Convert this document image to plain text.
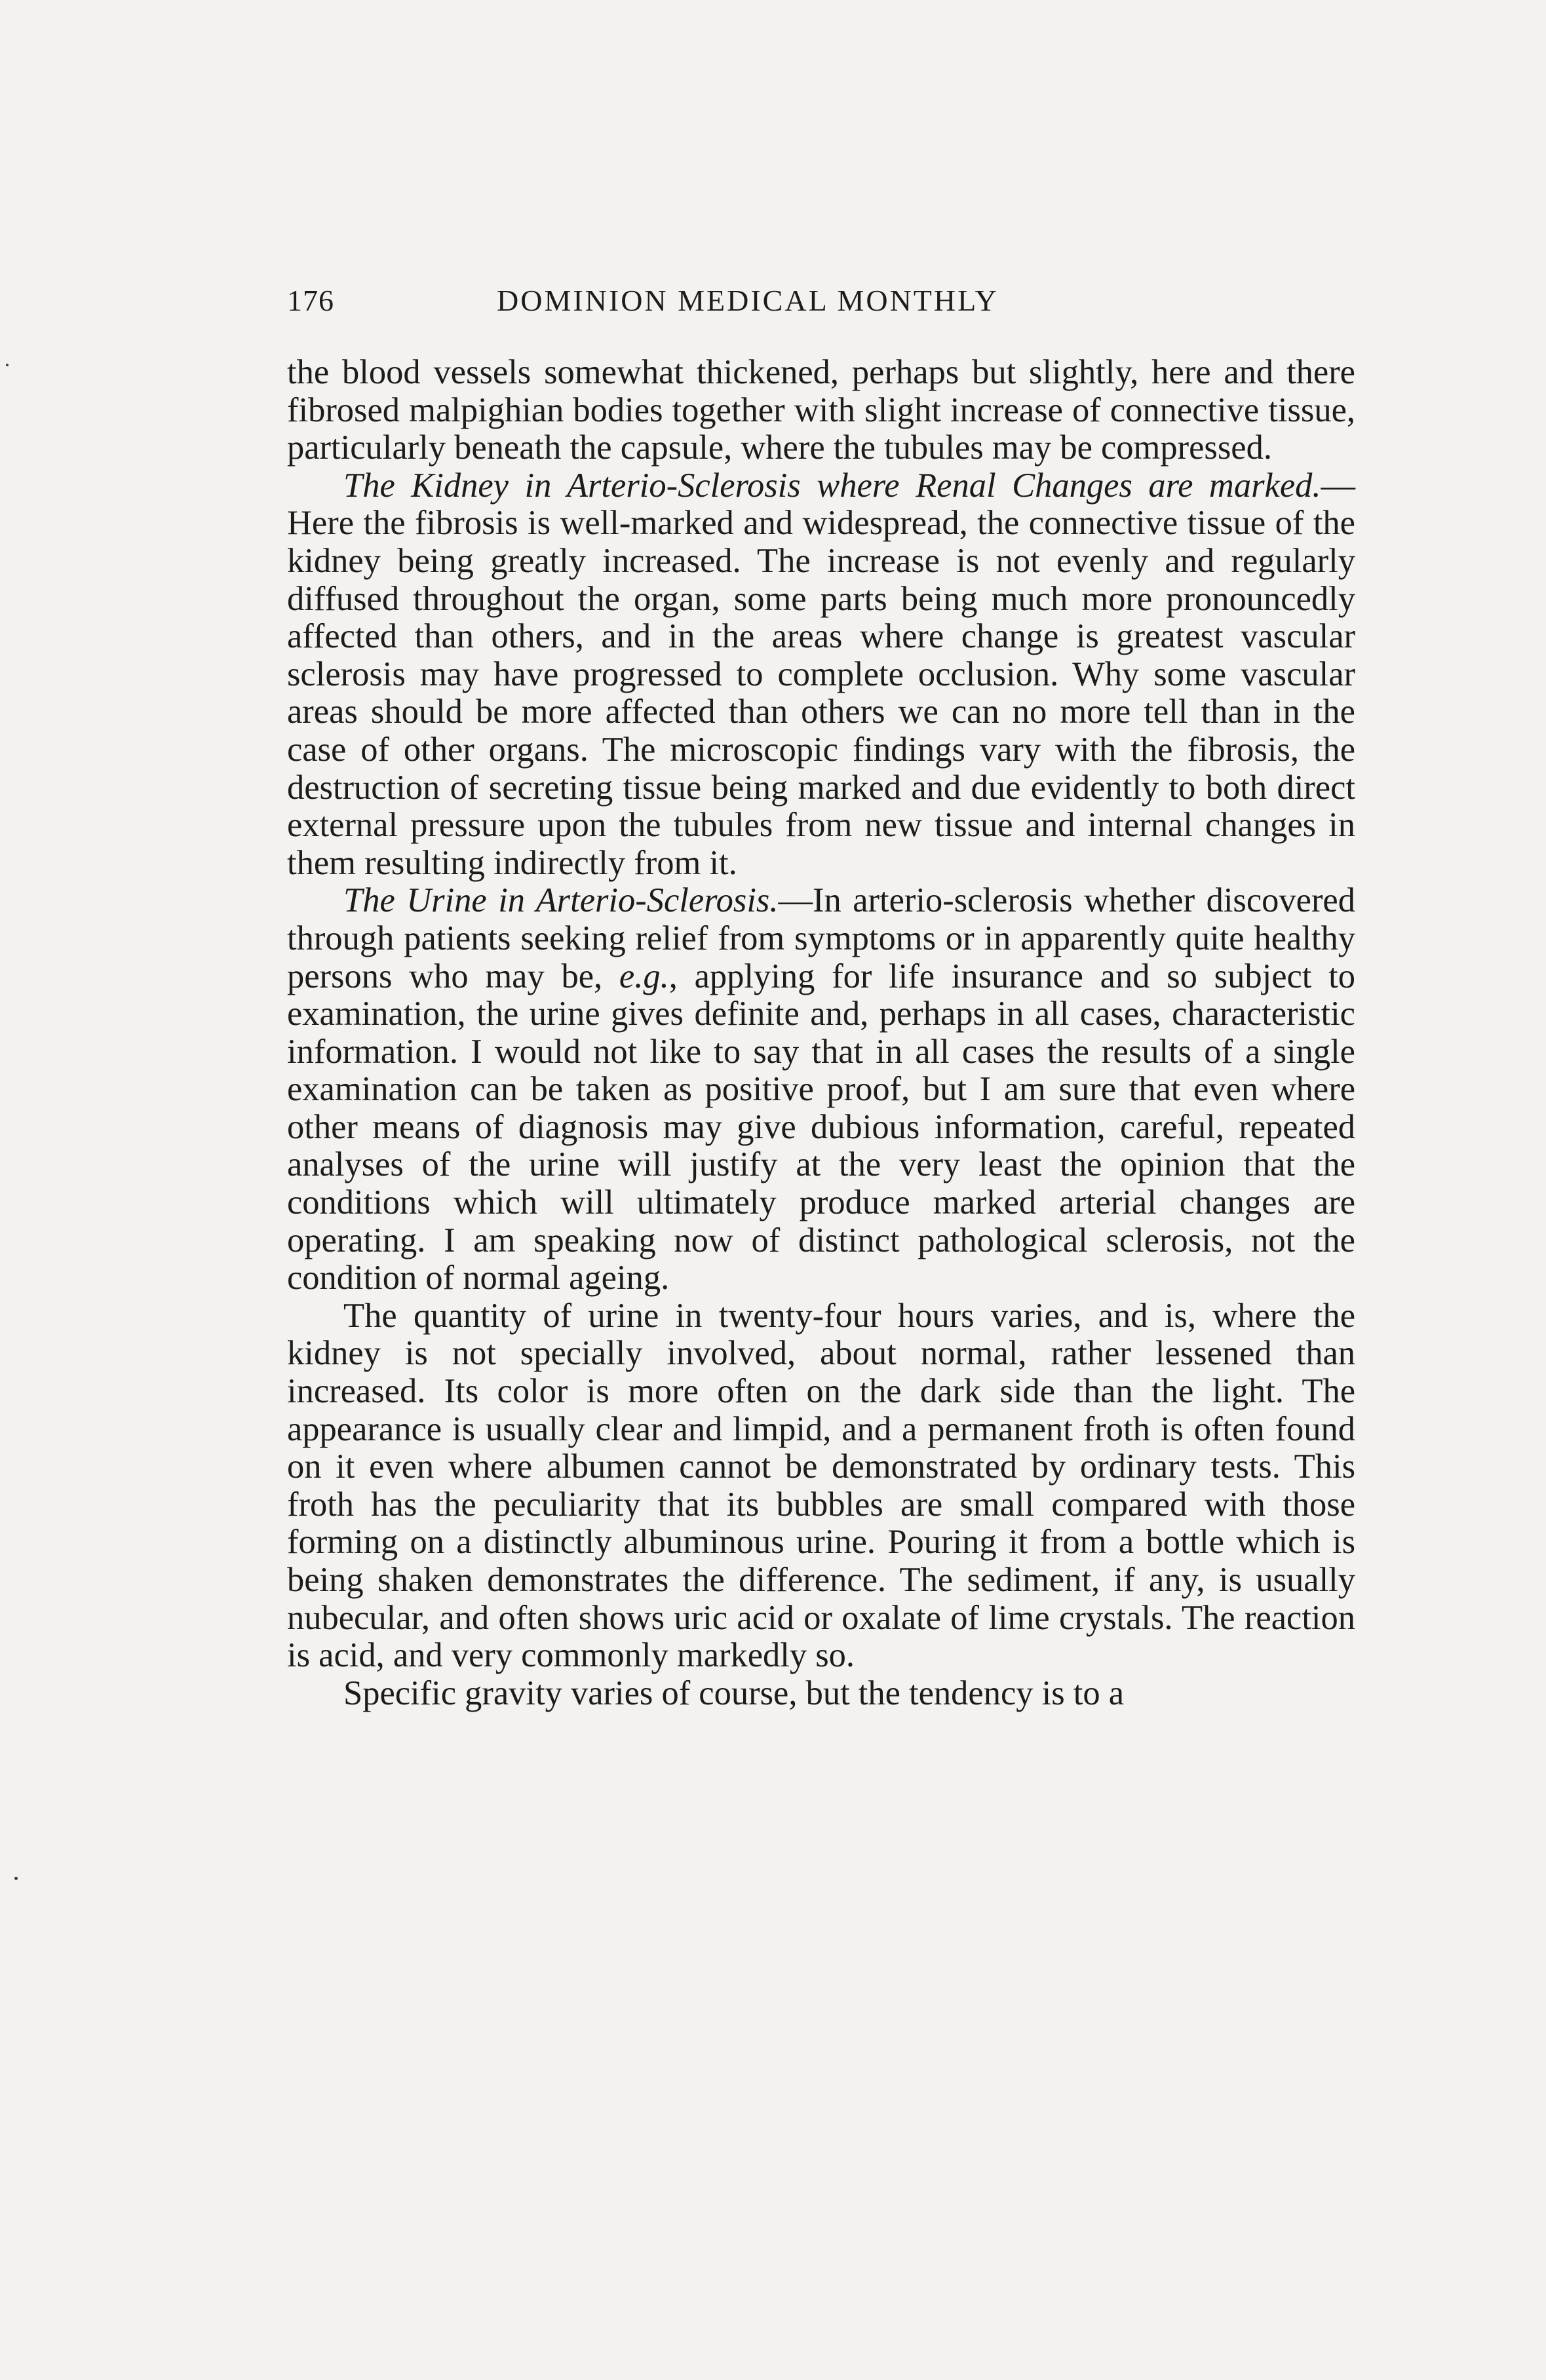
176	DOMINION MEDICAL MONTHLY

the blood vessels somewhat thickened, perhaps but slightly, here and there fibrosed malpighian bodies together with slight increase of connective tissue, particularly beneath the capsule, where the tubules may be compressed.

The Kidney in Arterio-Sclerosis where Renal Changes are marked.—Here the fibrosis is well-marked and widespread, the connective tissue of the kidney being greatly increased. The increase is not evenly and regularly diffused throughout the organ, some parts being much more pronouncedly affected than others, and in the areas where change is greatest vascular sclerosis may have progressed to complete occlusion. Why some vascular areas should be more affected than others we can no more tell than in the case of other organs. The microscopic findings vary with the fibrosis, the destruction of secreting tissue being marked and due evidently to both direct external pressure upon the tubules from new tissue and internal changes in them resulting indirectly from it.

The Urine in Arterio-Sclerosis.—In arterio-sclerosis whether discovered through patients seeking relief from symptoms or in apparently quite healthy persons who may be, e.g., applying for life insurance and so subject to examination, the urine gives definite and, perhaps in all cases, characteristic information. I would not like to say that in all cases the results of a single examination can be taken as positive proof, but I am sure that even where other means of diagnosis may give dubious information, careful, repeated analyses of the urine will justify at the very least the opinion that the conditions which will ultimately produce marked arterial changes are operating. I am speaking now of distinct pathological sclerosis, not the condition of normal ageing.

The quantity of urine in twenty-four hours varies, and is, where the kidney is not specially involved, about normal, rather lessened than increased. Its color is more often on the dark side than the light. The appearance is usually clear and limpid, and a permanent froth is often found on it even where albumen cannot be demonstrated by ordinary tests. This froth has the peculiarity that its bubbles are small compared with those forming on a distinctly albuminous urine. Pouring it from a bottle which is being shaken demonstrates the difference. The sediment, if any, is usually nubecular, and often shows uric acid or oxalate of lime crystals. The reaction is acid, and very commonly markedly so.

Specific gravity varies of course, but the tendency is to a
